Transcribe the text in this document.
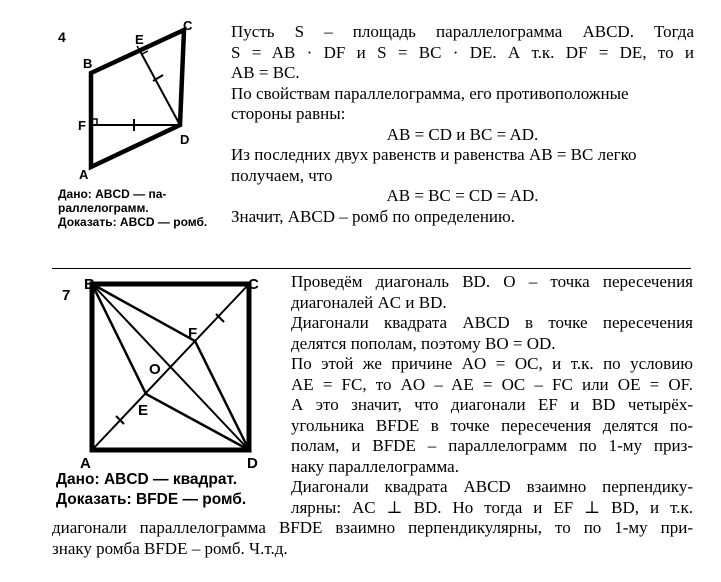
4
B
E
C
F
D
A
Дано: ABCD — па-
раллелограмм.
Доказать: ABCD — ромб.
Пусть S – площадь параллелограмма ABCD. Тогда
S = AB · DF и S = BC · DE. А т.к. DF = DE, то и
AB = BC.
По свойствам параллелограмма, его противоположные
стороны равны:
AB = CD и BC = AD.
Из последних двух равенств и равенства AB = BC легко
получаем, что
AB = BC = CD = AD.
Значит, ABCD – ромб по определению.
7
B	C
F
O
E
A	D
Дано: ABCD — квадрат.
Доказать: BFDE — ромб.
Проведём диагональ BD. O – точка пересечения
диагоналей AC и BD.
Диагонали квадрата ABCD в точке пересечения
делятся пополам, поэтому BO = OD.
По этой же причине AO = OC, и т.к. по условию
AE = FC, то AO – AE = OC – FC или OE = OF.
А это значит, что диагонали EF и BD четырёх-
угольника BFDE в точке пересечения делятся по-
полам, и BFDE – параллелограмм по 1-му приз-
наку параллелограмма.
Диагонали квадрата ABCD взаимно перпендику-
лярны: AC ⊥ BD. Но тогда и EF ⊥ BD, и т.к.
диагонали параллелограмма BFDE взаимно перпендикулярны, то по 1-му при-
знаку ромба BFDE – ромб. Ч.т.д.
